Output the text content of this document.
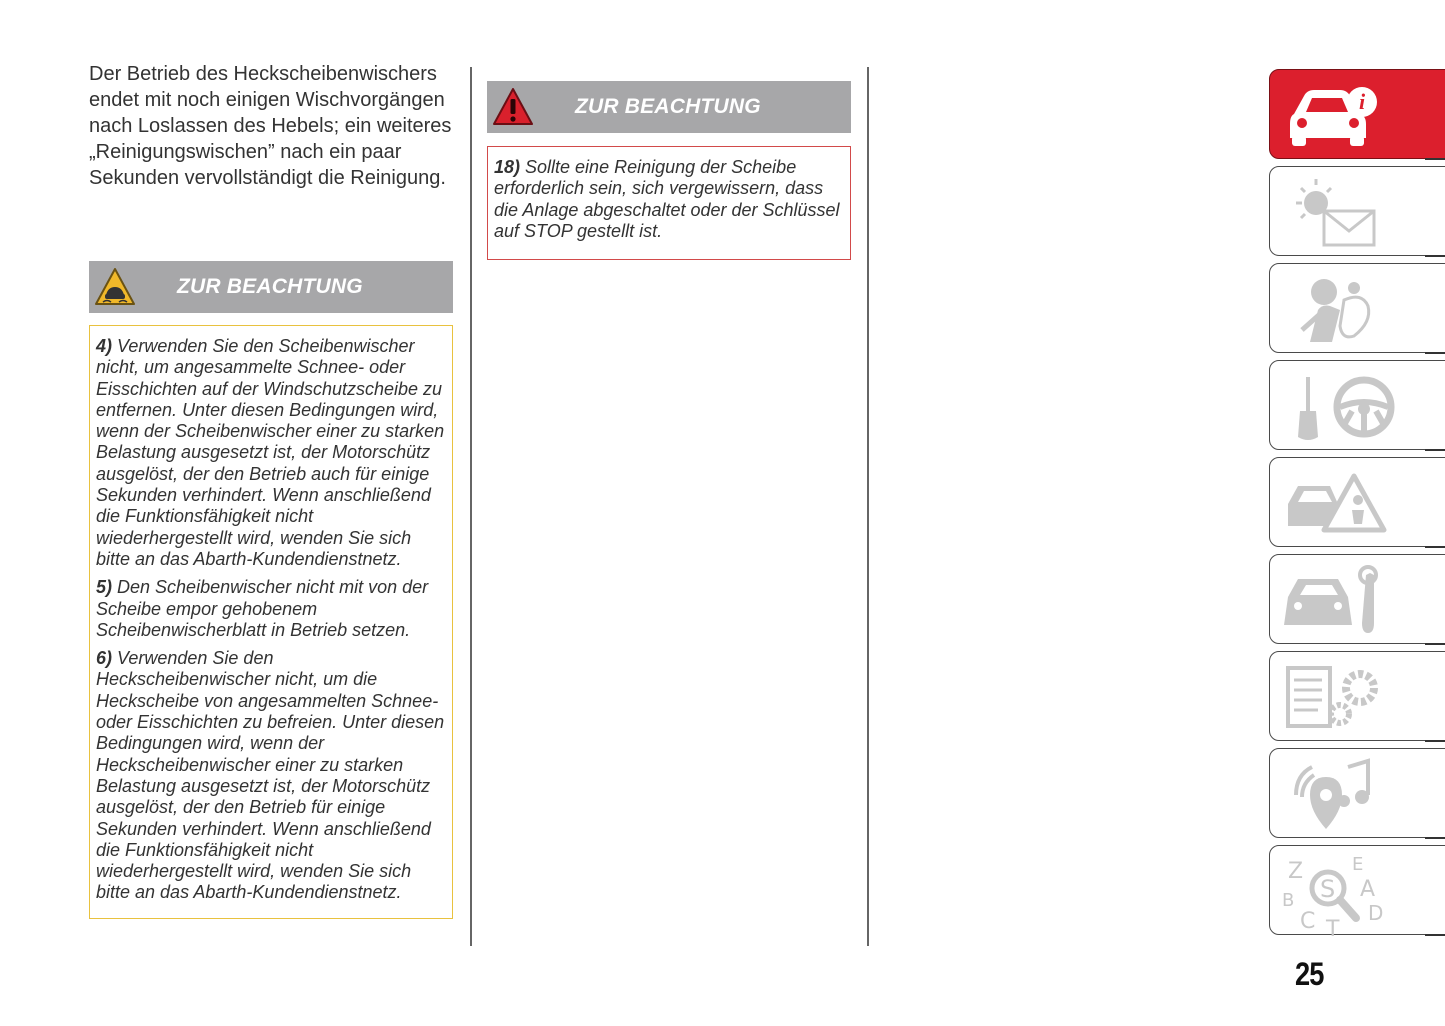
Der Betrieb des Heckscheibenwischers endet mit noch einigen Wischvorgängen nach Loslassen des Hebels; ein weiteres „Reinigungswischen” nach ein paar Sekunden vervollständigt die Reinigung.
ZUR BEACHTUNG

4) Verwenden Sie den Scheibenwischer nicht, um angesammelte Schnee- oder Eisschichten auf der Windschutzscheibe zu entfernen. Unter diesen Bedingungen wird, wenn der Scheibenwischer einer zu starken Belastung ausgesetzt ist, der Motorschütz ausgelöst, der den Betrieb auch für einige Sekunden verhindert. Wenn anschließend die Funktionsfähigkeit nicht wiederhergestellt wird, wenden Sie sich bitte an das Abarth-Kundendienstnetz.

5) Den Scheibenwischer nicht mit von der Scheibe empor gehobenem Scheibenwischerblatt in Betrieb setzen.

6) Verwenden Sie den Heckscheibenwischer nicht, um die Heckscheibe von angesammelten Schnee- oder Eisschichten zu befreien. Unter diesen Bedingungen wird, wenn der Heckscheibenwischer einer zu starken Belastung ausgesetzt ist, der Motorschütz ausgelöst, der den Betrieb für einige Sekunden verhindert. Wenn anschließend die Funktionsfähigkeit nicht wiederhergestellt wird, wenden Sie sich bitte an das Abarth-Kundendienstnetz.

ZUR BEACHTUNG

18) Sollte eine Reinigung der Scheibe erforderlich sein, sich vergewissern, dass die Anlage abgeschaltet oder der Schlüssel auf STOP gestellt ist.

i
Z	E
A
B
C T
D
S
25
